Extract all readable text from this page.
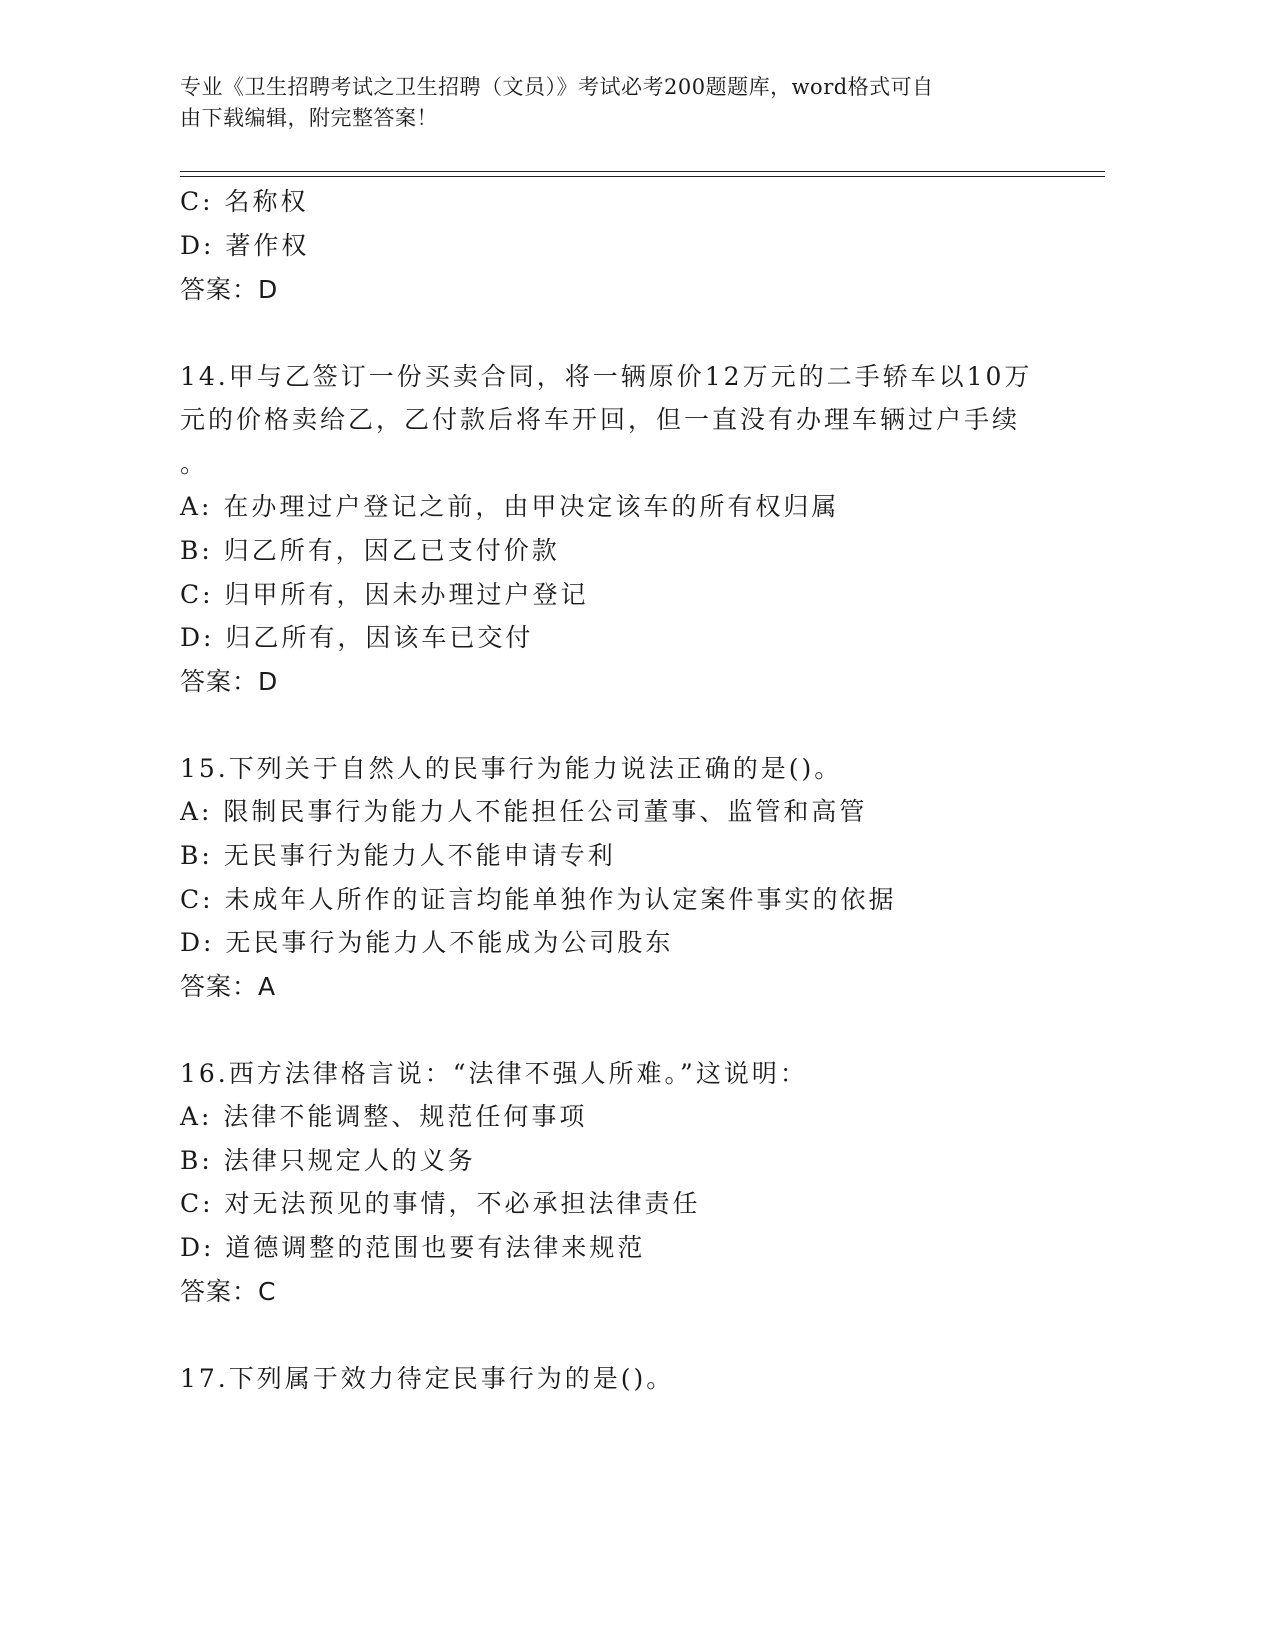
专业《卫生招聘考试之卫生招聘（文员）》考试必考200题题库，word格式可自
由下载编辑，附完整答案！
C: 名称权
D: 著作权
答案：D
14.甲与乙签订一份买卖合同，将一辆原价12万元的二手轿车以10万
元的价格卖给乙，乙付款后将车开回，但一直没有办理车辆过户手续
。
A: 在办理过户登记之前，由甲决定该车的所有权归属
B: 归乙所有，因乙已支付价款
C: 归甲所有，因未办理过户登记
D: 归乙所有，因该车已交付
答案：D
15.下列关于自然人的民事行为能力说法正确的是()。
A: 限制民事行为能力人不能担任公司董事、监管和高管
B: 无民事行为能力人不能申请专利
C: 未成年人所作的证言均能单独作为认定案件事实的依据
D: 无民事行为能力人不能成为公司股东
答案：A
16.西方法律格言说：“法律不强人所难。”这说明：
A: 法律不能调整、规范任何事项
B: 法律只规定人的义务
C: 对无法预见的事情，不必承担法律责任
D: 道德调整的范围也要有法律来规范
答案：C
17.下列属于效力待定民事行为的是()。
